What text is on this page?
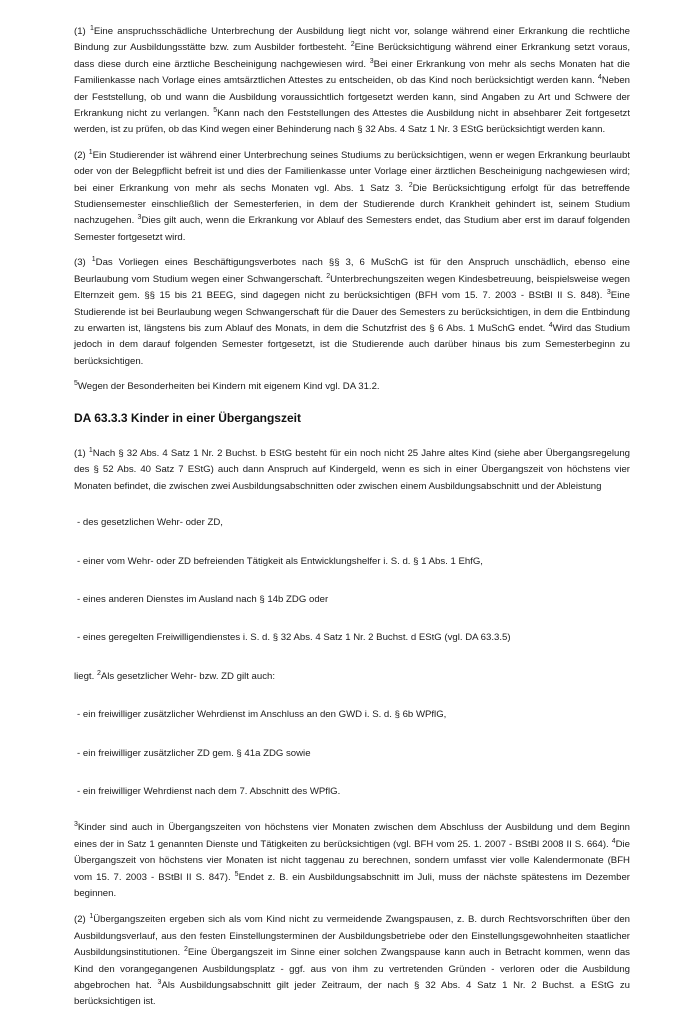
(1) $^1$Eine anspruchsschädliche Unterbrechung der Ausbildung liegt nicht vor, solange während einer Erkrankung die rechtliche Bindung zur Ausbildungsstätte bzw. zum Ausbilder fortbesteht. $^2$Eine Berücksichtigung während einer Erkrankung setzt voraus, dass diese durch eine ärztliche Bescheinigung nachgewiesen wird. $^3$Bei einer Erkrankung von mehr als sechs Monaten hat die Familienkasse nach Vorlage eines amtsärztlichen Attestes zu entscheiden, ob das Kind noch berücksichtigt werden kann. $^4$Neben der Feststellung, ob und wann die Ausbildung voraussichtlich fortgesetzt werden kann, sind Angaben zu Art und Schwere der Erkrankung nicht zu verlangen. $^5$Kann nach den Feststellungen des Attestes die Ausbildung nicht in absehbarer Zeit fortgesetzt werden, ist zu prüfen, ob das Kind wegen einer Behinderung nach § 32 Abs. 4 Satz 1 Nr. 3 EStG berücksichtigt werden kann.

(2) $^1$Ein Studierender ist während einer Unterbrechung seines Studiums zu berücksichtigen, wenn er wegen Erkrankung beurlaubt oder von der Belegpflicht befreit ist und dies der Familienkasse unter Vorlage einer ärztlichen Bescheinigung nachgewiesen wird; bei einer Erkrankung von mehr als sechs Monaten vgl. Abs. 1 Satz 3. $^2$Die Berücksichtigung erfolgt für das betreffende Studiensemester einschließlich der Semesterferien, in dem der Studierende durch Krankheit gehindert ist, seinem Studium nachzugehen. $^3$Dies gilt auch, wenn die Erkrankung vor Ablauf des Semesters endet, das Studium aber erst im darauf folgenden Semester fortgesetzt wird.

(3) $^1$Das Vorliegen eines Beschäftigungsverbotes nach §§ 3, 6 MuSchG ist für den Anspruch unschädlich, ebenso eine Beurlaubung vom Studium wegen einer Schwangerschaft. $^2$Unterbrechungszeiten wegen Kindesbetreuung, beispielsweise wegen Elternzeit gem. §§ 15 bis 21 BEEG, sind dagegen nicht zu berücksichtigen (BFH vom 15. 7. 2003 - BStBl II S. 848). $^3$Eine Studierende ist bei Beurlaubung wegen Schwangerschaft für die Dauer des Semesters zu berücksichtigen, in dem die Entbindung zu erwarten ist, längstens bis zum Ablauf des Monats, in dem die Schutzfrist des § 6 Abs. 1 MuSchG endet. $^4$Wird das Studium jedoch in dem darauf folgenden Semester fortgesetzt, ist die Studierende auch darüber hinaus bis zum Semesterbeginn zu berücksichtigen.

$^5$Wegen der Besonderheiten bei Kindern mit eigenem Kind vgl. DA 31.2.

DA 63.3.3 Kinder in einer Übergangszeit

(1) $^1$Nach § 32 Abs. 4 Satz 1 Nr. 2 Buchst. b EStG besteht für ein noch nicht 25 Jahre altes Kind (siehe aber Übergangsregelung des § 52 Abs. 40 Satz 7 EStG) auch dann Anspruch auf Kindergeld, wenn es sich in einer Übergangszeit von höchstens vier Monaten befindet, die zwischen zwei Ausbildungsabschnitten oder zwischen einem Ausbildungsabschnitt und der Ableistung

- des gesetzlichen Wehr- oder ZD,

- einer vom Wehr- oder ZD befreienden Tätigkeit als Entwicklungshelfer i. S. d. § 1 Abs. 1 EhfG,

- eines anderen Dienstes im Ausland nach § 14b ZDG oder

- eines geregelten Freiwilligendienstes i. S. d. § 32 Abs. 4 Satz 1 Nr. 2 Buchst. d EStG (vgl. DA 63.3.5)

liegt. $^2$Als gesetzlicher Wehr- bzw. ZD gilt auch:

- ein freiwilliger zusätzlicher Wehrdienst im Anschluss an den GWD i. S. d. § 6b WPflG,

- ein freiwilliger zusätzlicher ZD gem. § 41a ZDG sowie

- ein freiwilliger Wehrdienst nach dem 7. Abschnitt des WPflG.

$^3$Kinder sind auch in Übergangszeiten von höchstens vier Monaten zwischen dem Abschluss der Ausbildung und dem Beginn eines der in Satz 1 genannten Dienste und Tätigkeiten zu berücksichtigen (vgl. BFH vom 25. 1. 2007 - BStBl 2008 II S. 664). $^4$Die Übergangszeit von höchstens vier Monaten ist nicht taggenau zu berechnen, sondern umfasst vier volle Kalendermonate (BFH vom 15. 7. 2003 - BStBl II S. 847). $^5$Endet z. B. ein Ausbildungsabschnitt im Juli, muss der nächste spätestens im Dezember beginnen.

(2) $^1$Übergangszeiten ergeben sich als vom Kind nicht zu vermeidende Zwangspausen, z. B. durch Rechtsvorschriften über den Ausbildungsverlauf, aus den festen Einstellungsterminen der Ausbildungsbetriebe oder den Einstellungsgewohnheiten staatlicher Ausbildungsinstitutionen. $^2$Eine Übergangszeit im Sinne einer solchen Zwangspause kann auch in Betracht kommen, wenn das Kind den vorangegangenen Ausbildungsplatz - ggf. aus von ihm zu vertretenden Gründen - verloren oder die Ausbildung abgebrochen hat. $^3$Als Ausbildungsabschnitt gilt jeder Zeitraum, der nach § 32 Abs. 4 Satz 1 Nr. 2 Buchst. a EStG zu berücksichtigen ist.
